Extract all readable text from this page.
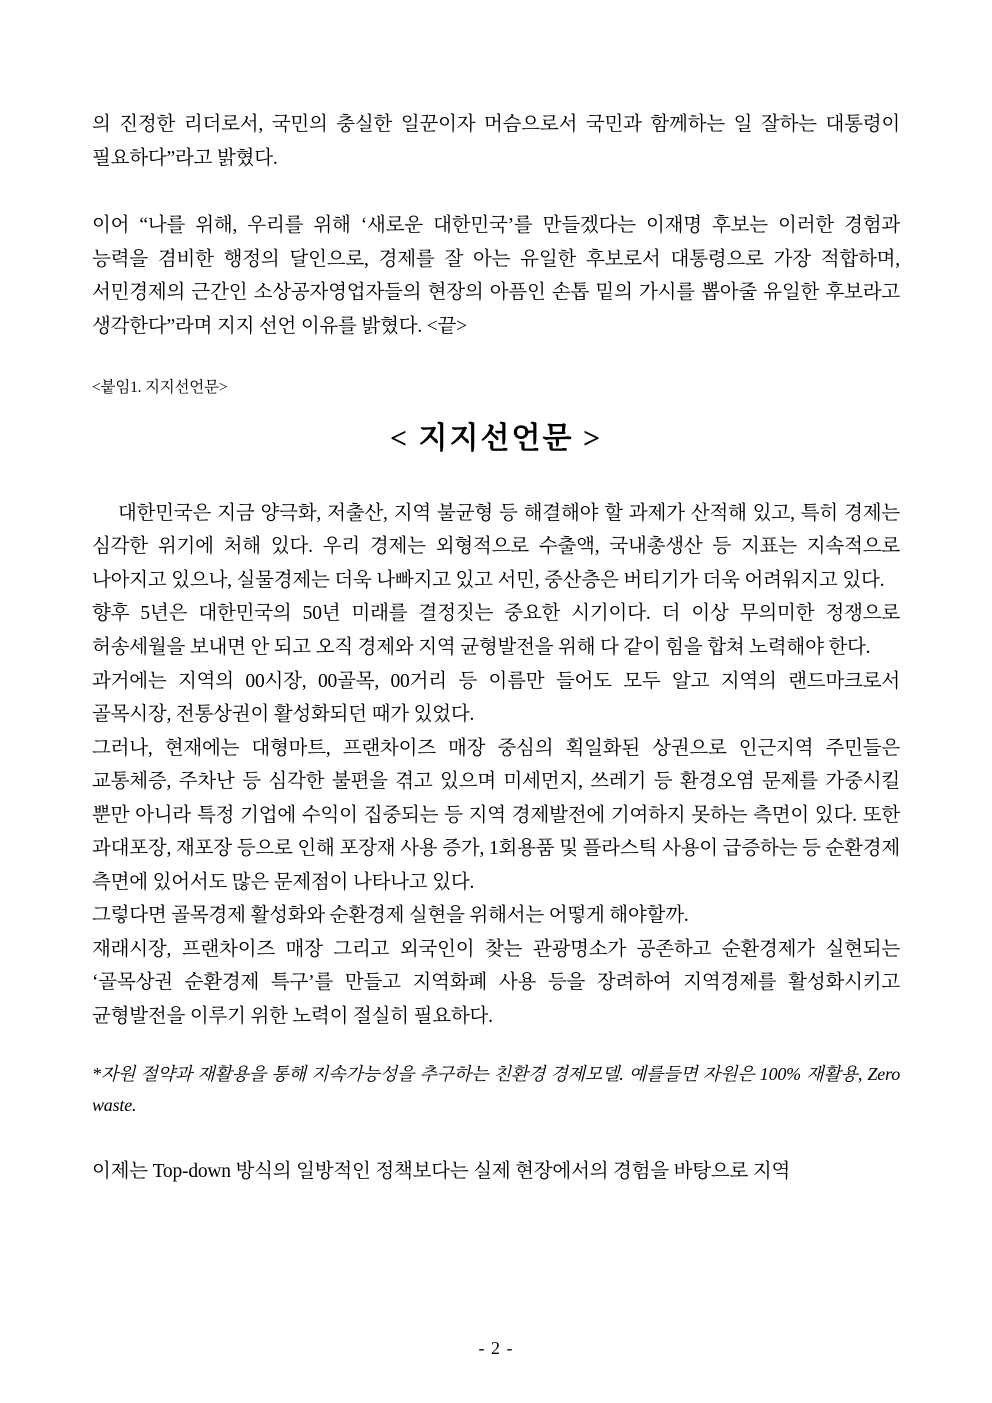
의 진정한 리더로서, 국민의 충실한 일꾼이자 머슴으로서 국민과 함께하는 일 잘하는 대통령이 필요하다”라고 밝혔다.

이어 “나를 위해, 우리를 위해 ‘새로운 대한민국’를 만들겠다는 이재명 후보는 이러한 경험과 능력을 겸비한 행정의 달인으로, 경제를 잘 아는 유일한 후보로서 대통령으로 가장 적합하며, 서민경제의 근간인 소상공자영업자들의 현장의 아픔인 손톱 밑의 가시를 뽑아줄 유일한 후보라고 생각한다”라며 지지 선언 이유를 밝혔다. <끝>

<붙임1. 지지선언문>

< 지지선언문 >

대한민국은 지금 양극화, 저출산, 지역 불균형 등 해결해야 할 과제가 산적해 있고, 특히 경제는 심각한 위기에 처해 있다. 우리 경제는 외형적으로 수출액, 국내총생산 등 지표는 지속적으로 나아지고 있으나, 실물경제는 더욱 나빠지고 있고 서민, 중산층은 버티기가 더욱 어려워지고 있다.

향후 5년은 대한민국의 50년 미래를 결정짓는 중요한 시기이다. 더 이상 무의미한 정쟁으로 허송세월을 보내면 안 되고 오직 경제와 지역 균형발전을 위해 다 같이 힘을 합쳐 노력해야 한다.

과거에는 지역의 00시장, 00골목, 00거리 등 이름만 들어도 모두 알고 지역의 랜드마크로서 골목시장, 전통상권이 활성화되던 때가 있었다.

그러나, 현재에는 대형마트, 프랜차이즈 매장 중심의 획일화된 상권으로 인근지역 주민들은 교통체증, 주차난 등 심각한 불편을 겪고 있으며 미세먼지, 쓰레기 등 환경오염 문제를 가중시킬 뿐만 아니라 특정 기업에 수익이 집중되는 등 지역 경제발전에 기여하지 못하는 측면이 있다. 또한 과대포장, 재포장 등으로 인해 포장재 사용 증가, 1회용품 및 플라스틱 사용이 급증하는 등 순환경제 측면에 있어서도 많은 문제점이 나타나고 있다.

그렇다면 골목경제 활성화와 순환경제 실현을 위해서는 어떻게 해야할까.

재래시장, 프랜차이즈 매장 그리고 외국인이 찾는 관광명소가 공존하고 순환경제가 실현되는 ‘골목상권 순환경제 특구’를 만들고 지역화폐 사용 등을 장려하여 지역경제를 활성화시키고 균형발전을 이루기 위한 노력이 절실히 필요하다.

*자원 절약과 재활용을 통해 지속가능성을 추구하는 친환경 경제모델. 예를들면 자원은 100% 재활용, Zero waste.

이제는 Top-down 방식의 일방적인 정책보다는 실제 현장에서의 경험을 바탕으로 지역

- 2 -
